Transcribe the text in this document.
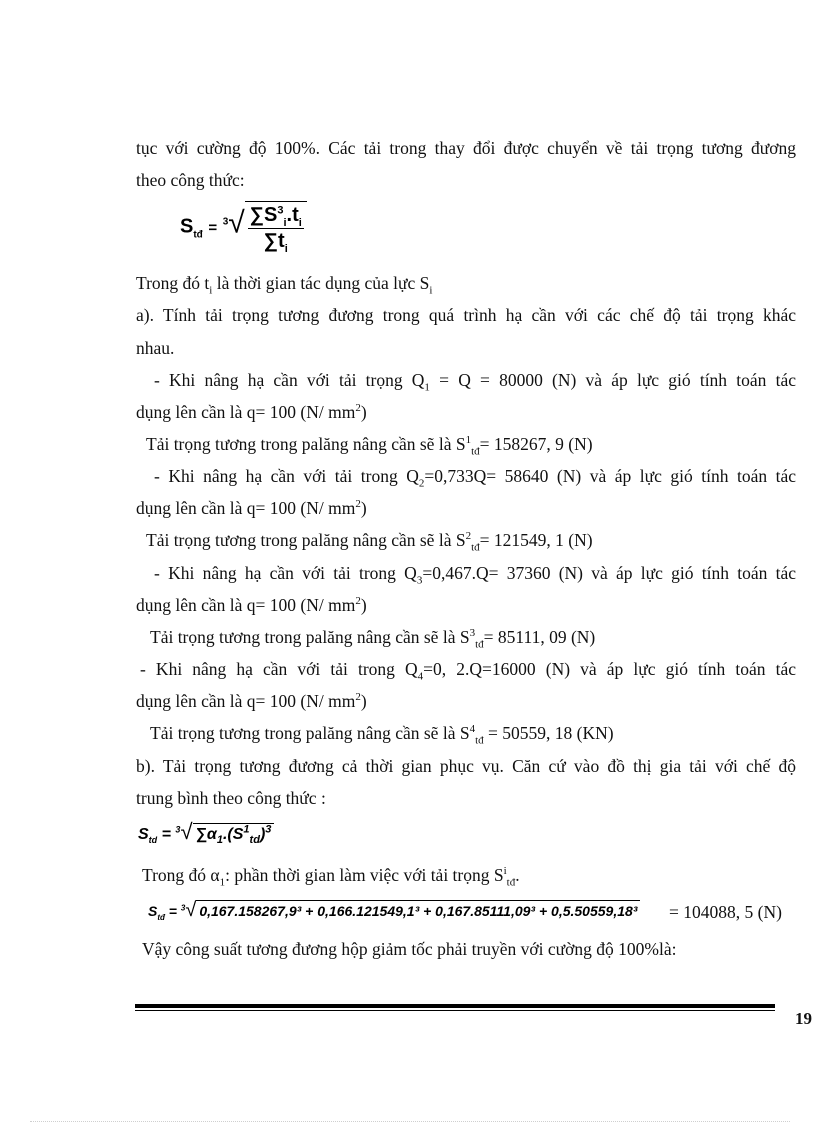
tục với cường độ 100%. Các tải trong thay đổi được chuyển về tải trọng tương đương
theo công thức:
$S_{tđ} = ^3√ \frac{\sum S^3_i.t_i}{\sum t_i}$
Trong đó $t_i$ là thời gian tác dụng của lực $S_i$
a). Tính tải trọng tương đương trong quá trình hạ cần với các chế độ tải trọng khác
nhau.
- Khi nâng hạ cần với tải trọng $Q_1 = Q = 80000$ (N) và áp lực gió tính toán tác
dụng lên cần là q= 100 (N/ $mm^2$)
Tải trọng tương trong palăng nâng cần sẽ là $S^1_{tđ}= 158267$, 9 (N)
- Khi nâng hạ cần với tải trong $Q_2=0,733Q= 58640$ (N) và áp lực gió tính toán tác
dụng lên cần là q= 100 (N/ $mm^2$)
Tải trọng tương trong palăng nâng cần sẽ là $S^2_{tđ}= 121549$, 1 (N)
- Khi nâng hạ cần với tải trong $Q_3=0,467.Q= 37360$ (N) và áp lực gió tính toán tác
dụng lên cần là q= 100 (N/ $mm^2$)
Tải trọng tương trong palăng nâng cần sẽ là $S^3_{tđ}= 85111$, 09 (N)
- Khi nâng hạ cần với tải trong $Q_4=0$, 2.Q=16000 (N) và áp lực gió tính toán tác
dụng lên cần là q= 100 (N/ $mm^2$)
Tải trọng tương trong palăng nâng cần sẽ là $S^4_{tđ} = 50559$, 18 (KN)
b). Tải trọng tương đương cả thời gian phục vụ. Căn cứ vào đồ thị gia tải với chế độ
trung bình theo công thức :
$S_{td} = ^3√$ $\sum\alpha_1.(S^1_{td})^3$
Trong đó $\alpha_1$: phần thời gian làm việc với tải trọng $S^i_{tđ}$.
$S_{tđ} = ^3√$ 0,167.158267,9³ + 0,166.121549,1³ + 0,167.85111,09³ + 0,5.50559,18³ = 104088, 5 (N)
Vậy công suất tương đương hộp giảm tốc phải truyền với cường độ 100%là:
19
